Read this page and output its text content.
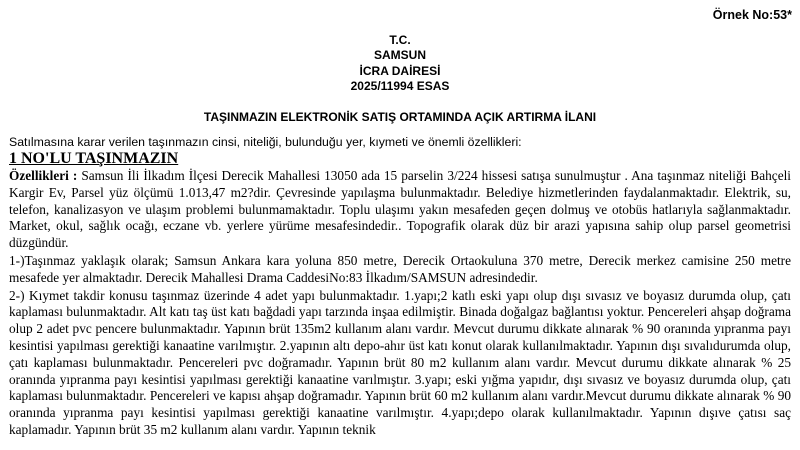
Örnek No:53*
T.C.
SAMSUN
İCRA DAİRESİ
2025/11994 ESAS
TAŞINMAZIN ELEKTRONİK SATIŞ ORTAMINDA AÇIK ARTIRMA İLANI
Satılmasına karar verilen taşınmazın cinsi, niteliği, bulunduğu yer, kıymeti ve önemli özellikleri:
1 NO'LU TAŞINMAZIN

Özellikleri : Samsun İli İlkadım İlçesi Derecik Mahallesi 13050 ada 15 parselin 3/224 hissesi satışa sunulmuştur . Ana taşınmaz niteliği Bahçeli Kargir Ev, Parsel yüz ölçümü 1.013,47 m2?dir. Çevresinde yapılaşma bulunmaktadır. Belediye hizmetlerinden faydalanmaktadır. Elektrik, su, telefon, kanalizasyon ve ulaşım problemi bulunmamaktadır. Toplu ulaşımı yakın mesafeden geçen dolmuş ve otobüs hatlarıyla sağlanmaktadır. Market, okul, sağlık ocağı, eczane vb. yerlere yürüme mesafesindedir.. Topografik olarak düz bir arazi yapısına sahip olup parsel geometrisi düzgündür.

1-)Taşınmaz yaklaşık olarak; Samsun Ankara kara yoluna 850 metre, Derecik Ortaokuluna 370 metre, Derecik merkez camisine 250 metre mesafede yer almaktadır. Derecik Mahallesi Drama CaddesiNo:83 İlkadım/SAMSUN adresindedir.

2-) Kıymet takdir konusu taşınmaz üzerinde 4 adet yapı bulunmaktadır. 1.yapı;2 katlı eski yapı olup dışı sıvasız ve boyasız durumda olup, çatı kaplaması bulunmaktadır. Alt katı taş üst katı bağdadi yapı tarzında inşaa edilmiştir. Binada doğalgaz bağlantısı yoktur. Pencereleri ahşap doğrama olup 2 adet pvc pencere bulunmaktadır. Yapının brüt 135m2 kullanım alanı vardır. Mevcut durumu dikkate alınarak % 90 oranında yıpranma payı kesintisi yapılması gerektiği kanaatine varılmıştır. 2.yapının altı depo-ahır üst katı konut olarak kullanılmaktadır. Yapının dışı sıvalıdurumda olup, çatı kaplaması bulunmaktadır. Pencereleri pvc doğramadır. Yapının brüt 80 m2 kullanım alanı vardır. Mevcut durumu dikkate alınarak % 25 oranında yıpranma payı kesintisi yapılması gerektiği kanaatine varılmıştır. 3.yapı; eski yığma yapıdır, dışı sıvasız ve boyasız durumda olup, çatı kaplaması bulunmaktadır. Pencereleri ve kapısı ahşap doğramadır. Yapının brüt 60 m2 kullanım alanı vardır.Mevcut durumu dikkate alınarak % 90 oranında yıpranma payı kesintisi yapılması gerektiği kanaatine varılmıştır. 4.yapı;depo olarak kullanılmaktadır. Yapının dışıve çatısı saç kaplamadır. Yapının brüt 35 m2 kullanım alanı vardır. Yapının teknik
